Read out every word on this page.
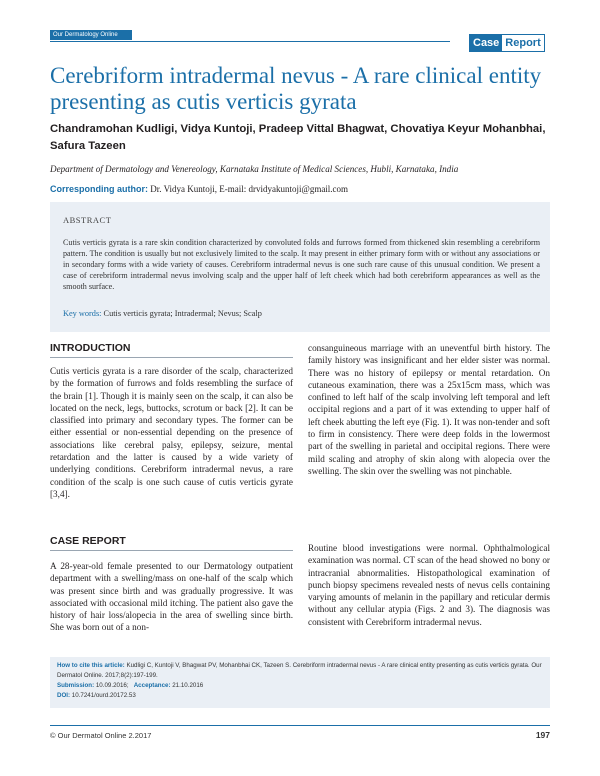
Our Dermatology Online
Case Report
Cerebriform intradermal nevus - A rare clinical entity presenting as cutis verticis gyrata
Chandramohan Kudligi, Vidya Kuntoji, Pradeep Vittal Bhagwat, Chovatiya Keyur Mohanbhai, Safura Tazeen
Department of Dermatology and Venereology, Karnataka Institute of Medical Sciences, Hubli, Karnataka, India
Corresponding author: Dr. Vidya Kuntoji, E-mail: drvidyakuntoji@gmail.com
ABSTRACT
Cutis verticis gyrata is a rare skin condition characterized by convoluted folds and furrows formed from thickened skin resembling a cerebriform pattern. The condition is usually but not exclusively limited to the scalp. It may present in either primary form with or without any associations or in secondary forms with a wide variety of causes. Cerebriform intradermal nevus is one such rare cause of this unusual condition. We present a case of cerebriform intradermal nevus involving scalp and the upper half of left cheek which had both cerebriform appearances as well as the smooth surface.
Key words: Cutis verticis gyrata; Intradermal; Nevus; Scalp
INTRODUCTION
Cutis verticis gyrata is a rare disorder of the scalp, characterized by the formation of furrows and folds resembling the surface of the brain [1]. Though it is mainly seen on the scalp, it can also be located on the neck, legs, buttocks, scrotum or back [2]. It can be classified into primary and secondary types. The former can be either essential or non-essential depending on the presence of associations like cerebral palsy, epilepsy, seizure, mental retardation and the latter is caused by a wide variety of underlying conditions. Cerebriform intradermal nevus, a rare condition of the scalp is one such cause of cutis verticis gyrate [3,4].
CASE REPORT
A 28-year-old female presented to our Dermatology outpatient department with a swelling/mass on one-half of the scalp which was present since birth and was gradually progressive. It was associated with occasional mild itching. The patient also gave the history of hair loss/alopecia in the area of swelling since birth. She was born out of a non-
consanguineous marriage with an uneventful birth history. The family history was insignificant and her elder sister was normal. There was no history of epilepsy or mental retardation. On cutaneous examination, there was a 25x15cm mass, which was confined to left half of the scalp involving left temporal and left occipital regions and a part of it was extending to upper half of left cheek abutting the left eye (Fig. 1). It was non-tender and soft to firm in consistency. There were deep folds in the lowermost part of the swelling in parietal and occipital regions. There were mild scaling and atrophy of skin along with alopecia over the swelling. The skin over the swelling was not pinchable.
Routine blood investigations were normal. Ophthalmological examination was normal. CT scan of the head showed no bony or intracranial abnormalities. Histopathological examination of punch biopsy specimens revealed nests of nevus cells containing varying amounts of melanin in the papillary and reticular dermis without any cellular atypia (Figs. 2 and 3). The diagnosis was consistent with Cerebriform intradermal nevus.
How to cite this article: Kudligi C, Kuntoji V, Bhagwat PV, Mohanbhai CK, Tazeen S. Cerebriform intradermal nevus - A rare clinical entity presenting as cutis verticis gyrata. Our Dermatol Online. 2017;8(2):197-199.
Submission: 10.09.2016; Acceptance: 21.10.2016
DOI: 10.7241/ourd.20172.53
© Our Dermatol Online 2.2017	197
